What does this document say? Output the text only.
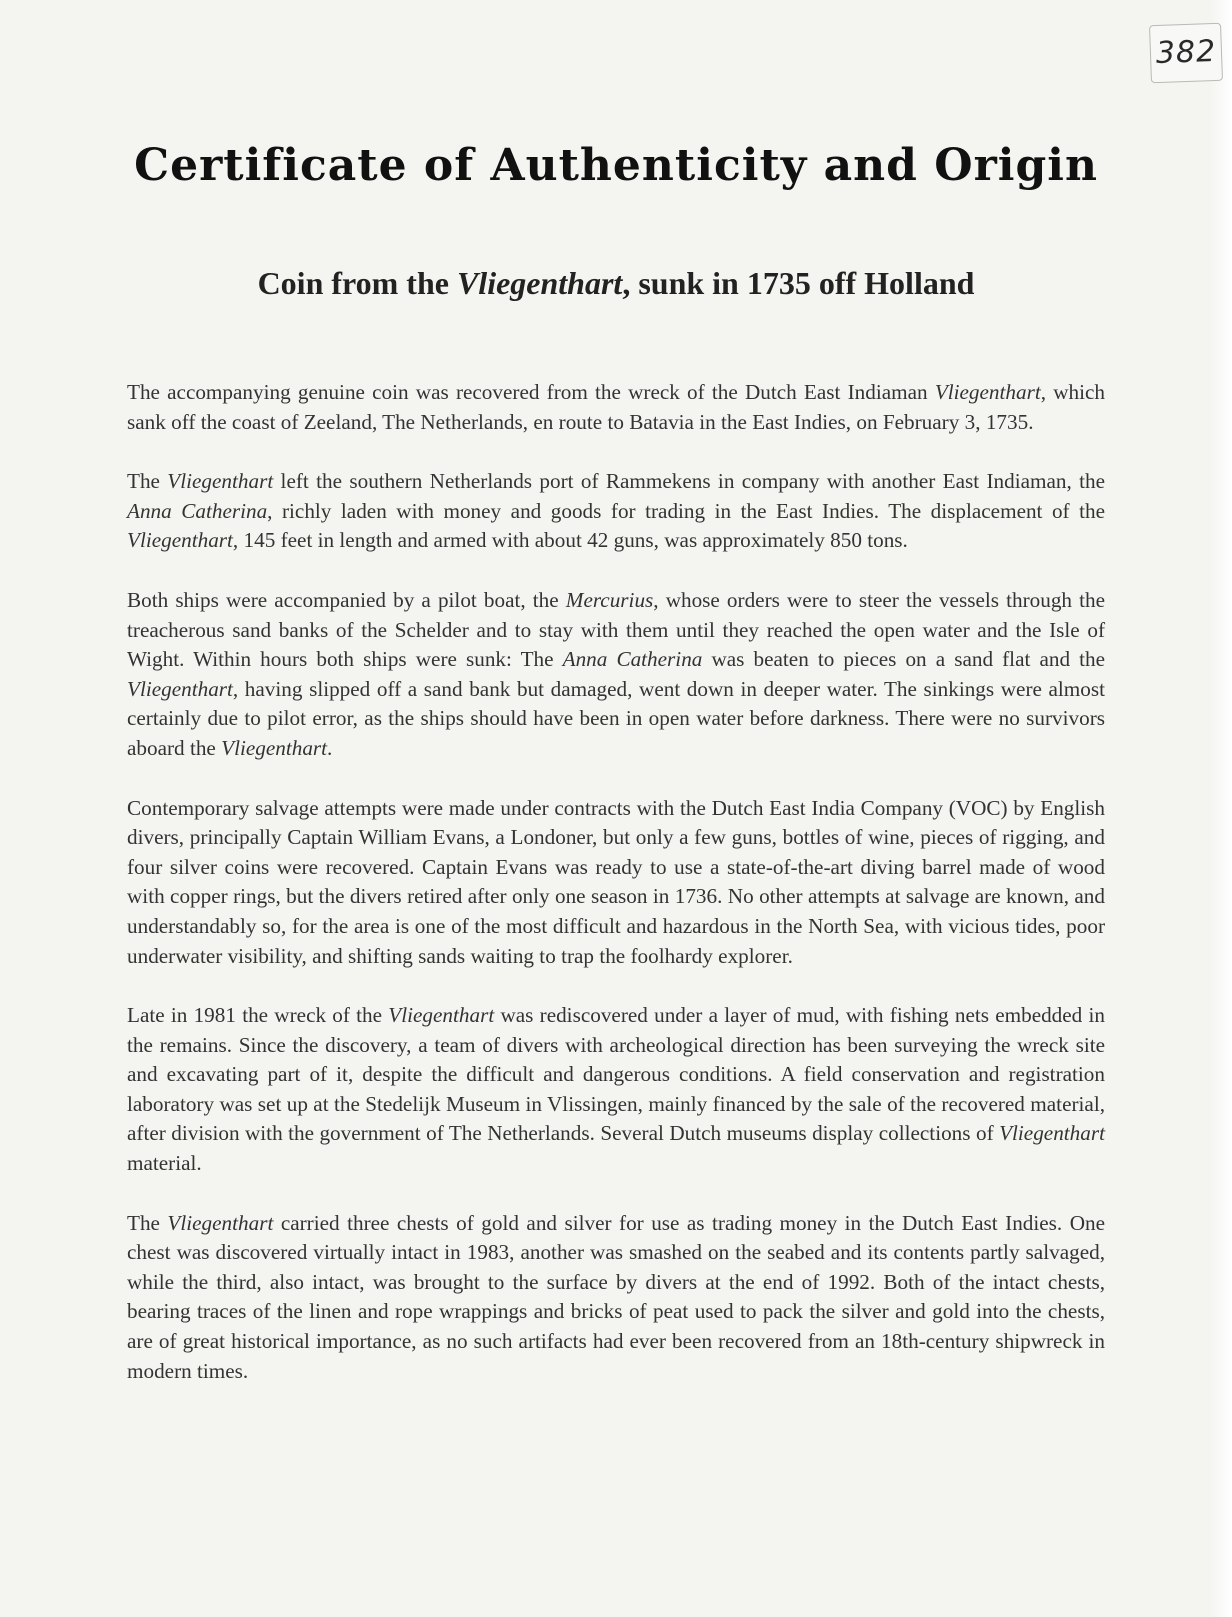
382
Certificate of Authenticity and Origin
Coin from the Vliegenthart, sunk in 1735 off Holland

The accompanying genuine coin was recovered from the wreck of the Dutch East Indiaman Vliegenthart, which sank off the coast of Zeeland, The Netherlands, en route to Batavia in the East Indies, on February 3, 1735.

The Vliegenthart left the southern Netherlands port of Rammekens in company with another East Indiaman, the Anna Catherina, richly laden with money and goods for trading in the East Indies. The displacement of the Vliegenthart, 145 feet in length and armed with about 42 guns, was approximately 850 tons.

Both ships were accompanied by a pilot boat, the Mercurius, whose orders were to steer the vessels through the treacherous sand banks of the Schelder and to stay with them until they reached the open water and the Isle of Wight. Within hours both ships were sunk: The Anna Catherina was beaten to pieces on a sand flat and the Vliegenthart, having slipped off a sand bank but damaged, went down in deeper water. The sinkings were almost certainly due to pilot error, as the ships should have been in open water before darkness. There were no survivors aboard the Vliegenthart.

Contemporary salvage attempts were made under contracts with the Dutch East India Company (VOC) by English divers, principally Captain William Evans, a Londoner, but only a few guns, bottles of wine, pieces of rigging, and four silver coins were recovered. Captain Evans was ready to use a state-of-the-art diving barrel made of wood with copper rings, but the divers retired after only one season in 1736. No other attempts at salvage are known, and understandably so, for the area is one of the most difficult and hazardous in the North Sea, with vicious tides, poor underwater visibility, and shifting sands waiting to trap the foolhardy explorer.

Late in 1981 the wreck of the Vliegenthart was rediscovered under a layer of mud, with fishing nets embedded in the remains. Since the discovery, a team of divers with archeological direction has been surveying the wreck site and excavating part of it, despite the difficult and dangerous conditions. A field conservation and registration laboratory was set up at the Stedelijk Museum in Vlissingen, mainly financed by the sale of the recovered material, after division with the government of The Netherlands. Several Dutch museums display collections of Vliegenthart material.

The Vliegenthart carried three chests of gold and silver for use as trading money in the Dutch East Indies. One chest was discovered virtually intact in 1983, another was smashed on the seabed and its contents partly salvaged, while the third, also intact, was brought to the surface by divers at the end of 1992. Both of the intact chests, bearing traces of the linen and rope wrappings and bricks of peat used to pack the silver and gold into the chests, are of great historical importance, as no such artifacts had ever been recovered from an 18th-century shipwreck in modern times.
